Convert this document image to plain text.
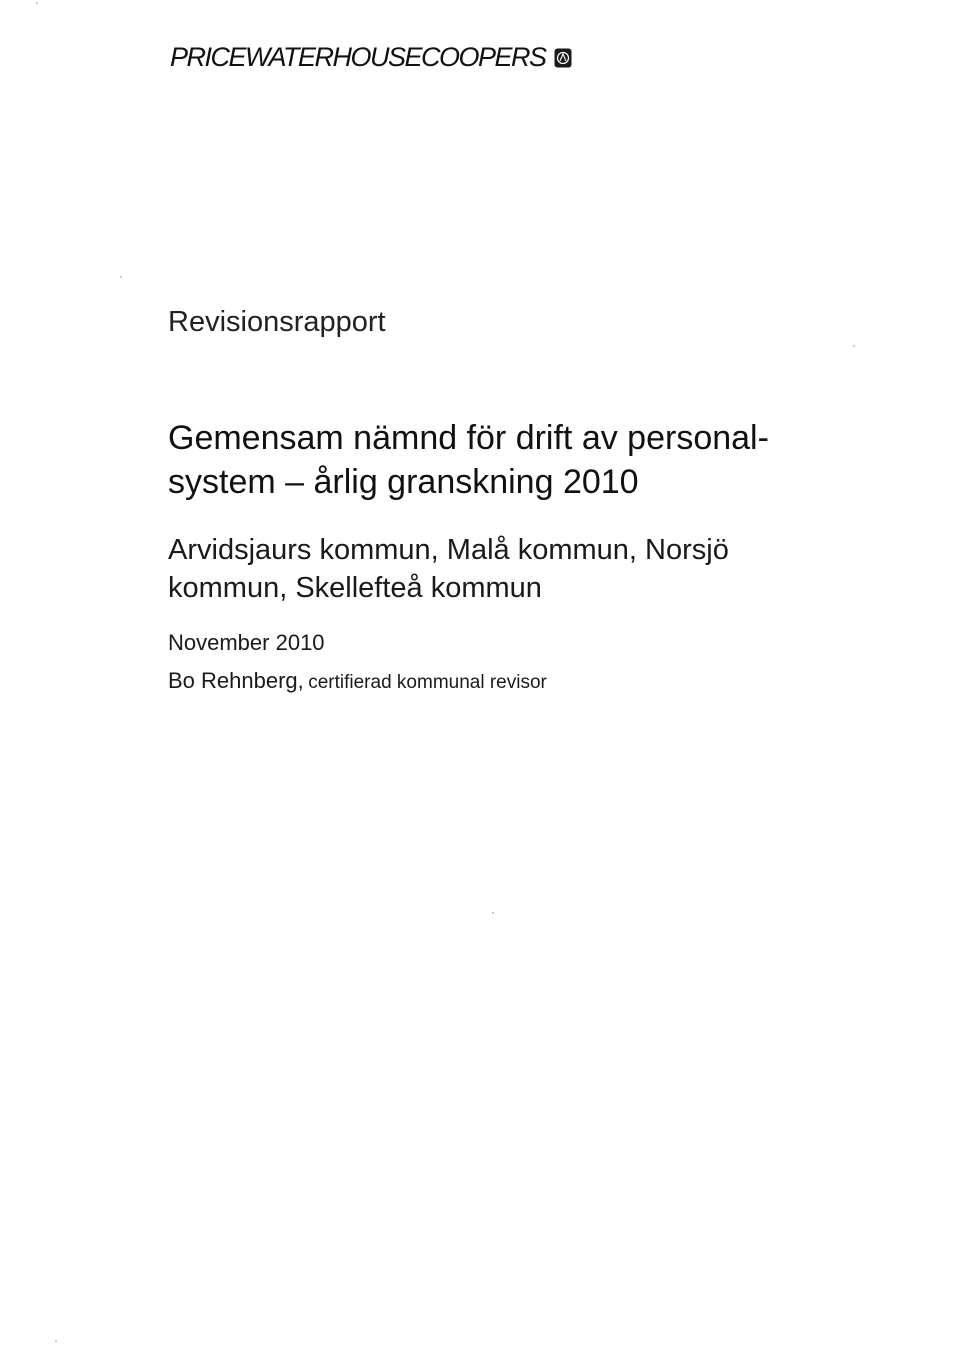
PRICEWATERHOUSECOOPERS
Revisionsrapport
Gemensam nämnd för drift av personal-
system – årlig granskning 2010
Arvidsjaurs kommun, Malå kommun, Norsjö
kommun, Skellefteå kommun
November 2010
Bo Rehnberg, certifierad kommunal revisor
